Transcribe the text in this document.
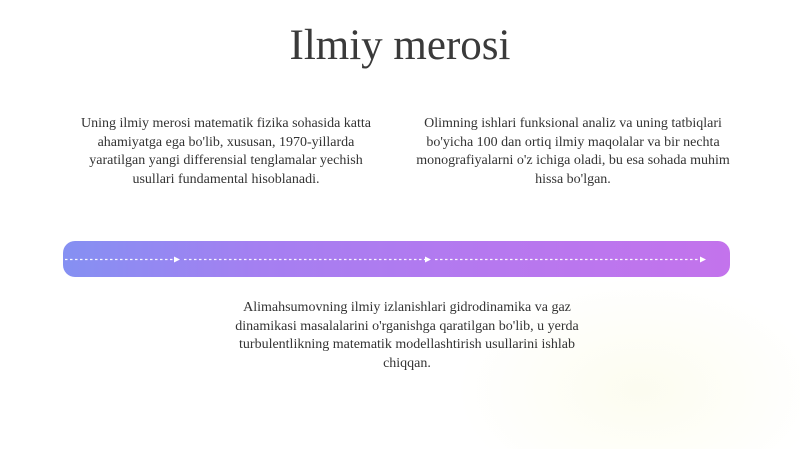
Ilmiy merosi

Uning ilmiy merosi matematik fizika sohasida katta ahamiyatga ega bo'lib, xususan, 1970-yillarda yaratilgan yangi differensial tenglamalar yechish usullari fundamental hisoblanadi.

Olimning ishlari funksional analiz va uning tatbiqlari bo'yicha 100 dan ortiq ilmiy maqolalar va bir nechta monografiyalarni o'z ichiga oladi, bu esa sohada muhim hissa bo'lgan.

Alimahsumovning ilmiy izlanishlari gidrodinamika va gaz dinamikasi masalalarini o'rganishga qaratilgan bo'lib, u yerda turbulentlikning matematik modellashtirish usullarini ishlab chiqqan.
